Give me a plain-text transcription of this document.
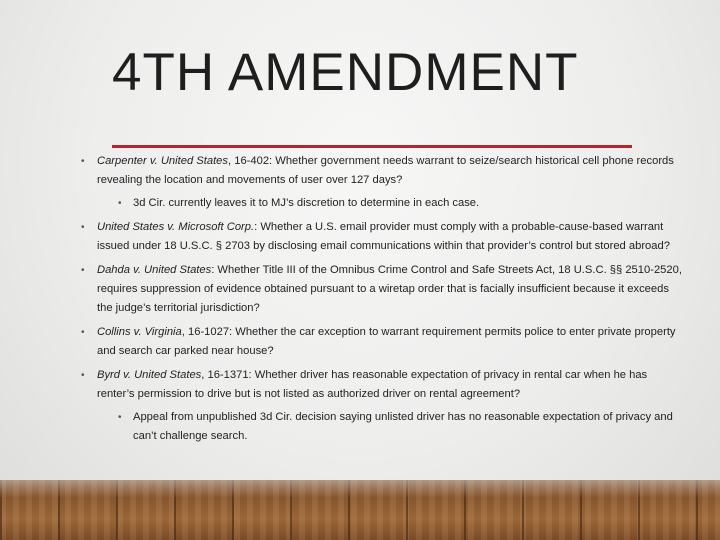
4TH AMENDMENT
• Carpenter v. United States, 16-402: Whether government needs warrant to seize/search historical cell phone records revealing the location and movements of user over 127 days?
• 3d Cir. currently leaves it to MJ’s discretion to determine in each case.
• United States v. Microsoft Corp.: Whether a U.S. email provider must comply with a probable-cause-based warrant issued under 18 U.S.C. § 2703 by disclosing email communications within that provider’s control but stored abroad?
• Dahda v. United States: Whether Title III of the Omnibus Crime Control and Safe Streets Act, 18 U.S.C. §§ 2510-2520, requires suppression of evidence obtained pursuant to a wiretap order that is facially insufficient because it exceeds the judge’s territorial jurisdiction?
• Collins v. Virginia, 16-1027: Whether the car exception to warrant requirement permits police to enter private property and search car parked near house?
• Byrd v. United States, 16-1371: Whether driver has reasonable expectation of privacy in rental car when he has renter’s permission to drive but is not listed as authorized driver on rental agreement?
• Appeal from unpublished 3d Cir. decision saying unlisted driver has no reasonable expectation of privacy and can’t challenge search.
